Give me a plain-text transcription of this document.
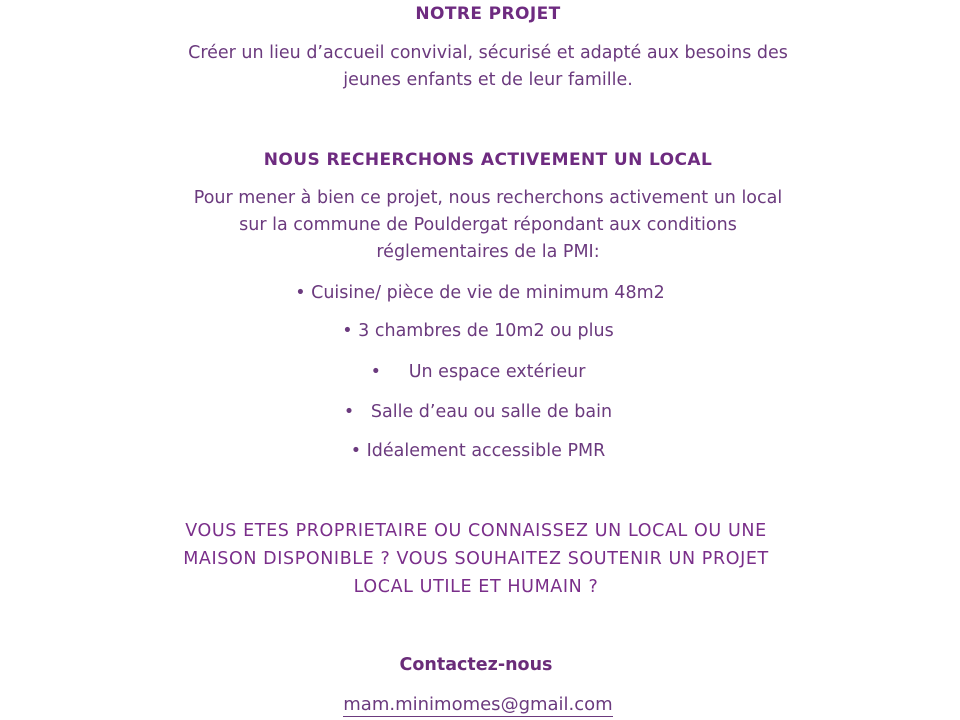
NOTRE PROJET
Créer un lieu d’accueil convivial, sécurisé et adapté aux besoins des
jeunes enfants et de leur famille.
NOUS RECHERCHONS ACTIVEMENT UN LOCAL
Pour mener à bien ce projet, nous recherchons activement un local
sur la commune de Pouldergat répondant aux conditions
réglementaires de la PMI:
• Cuisine/ pièce de vie de minimum 48m2
• 3 chambres de 10m2 ou plus
•     Un espace extérieur
•   Salle d’eau ou salle de bain
• Idéalement accessible PMR
VOUS ETES PROPRIETAIRE OU CONNAISSEZ UN LOCAL OU UNE
MAISON DISPONIBLE ? VOUS SOUHAITEZ SOUTENIR UN PROJET
LOCAL UTILE ET HUMAIN ?
Contactez-nous
mam.minimomes@gmail.com
